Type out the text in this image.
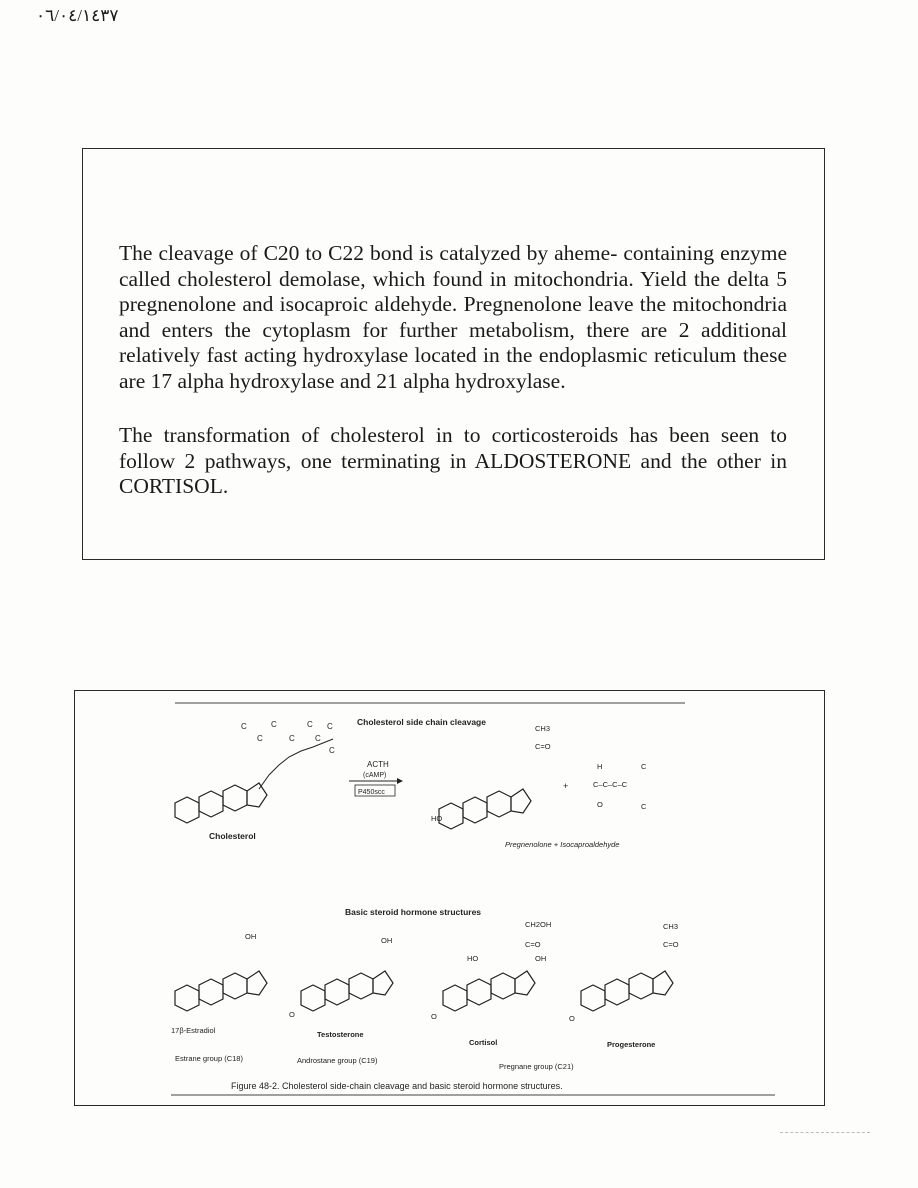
٠٦/٠٤/١٤٣٧

The cleavage of C20 to C22 bond is catalyzed by aheme- containing enzyme called cholesterol demolase, which found in mitochondria. Yield the delta 5 pregnenolone and isocaproic aldehyde. Pregnenolone leave the mitochondria and enters the cytoplasm for further metabolism, there are 2 additional relatively fast acting hydroxylase located in the endoplasmic reticulum these are 17 alpha hydroxylase and 21 alpha hydroxylase.

The transformation of cholesterol in to corticosteroids has been seen to follow 2 pathways, one terminating in ALDOSTERONE and the other in CORTISOL.

Cholesterol side chain cleavage
C
C
C
C
C
C
C
C
Cholesterol
ACTH
(cAMP)
P450scc
HO
CH3
C=O
+
H
C–C–C–C
O
C
C
Pregnenolone + Isocaproaldehyde
Basic steroid hormone structures
OH
17β-Estradiol
Estrane group (C18)
O
OH
Testosterone
Androstane group (C19)
O
HO
CH2OH
C=O
OH
Cortisol
Pregnane group (C21)
O
CH3
C=O
Progesterone
Figure 48-2. Cholesterol side-chain cleavage and basic steroid hormone structures.
